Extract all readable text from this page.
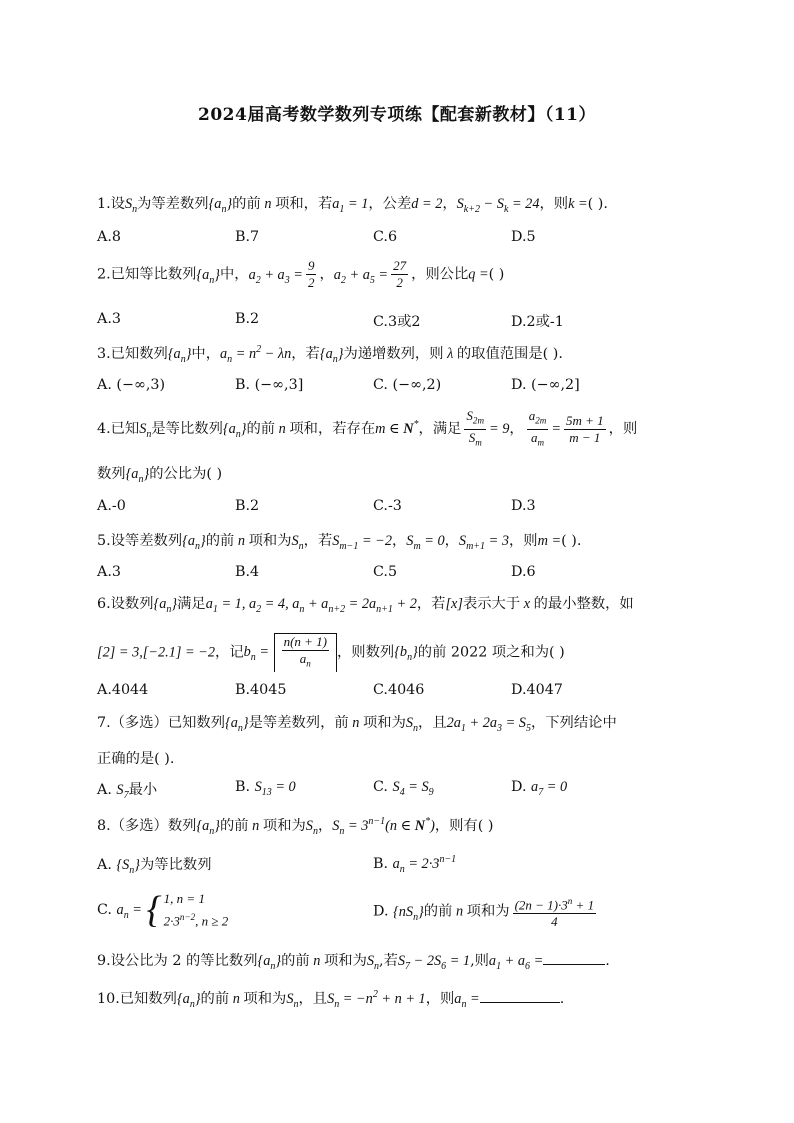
2024届高考数学数列专项练【配套新教材】（11）
1.设$S_n$为等差数列$\{a_n\}$的前 n 项和，若$a_1 = 1$，公差d = 2，$S_{k+2} - S_k = 24$，则k =( ).
A.8	B.7	C.6	D.5
2.已知等比数列$\{a_n\}$中，$a_2 + a_3 = \frac{9}{2}$ ，$a_2 + a_5 = \frac{27}{2}$ ，则公比q =( )
A.3	B.2	C.3或2	D.2或-1
3.已知数列$\{a_n\}$中，$a_n = n^2 - \lambda n$，若$\{a_n\}$为递增数列，则 λ 的取值范围是( ).
A. (−∞,3)	B. (−∞,3]	C. (−∞,2)	D. (−∞,2]
4.已知$S_n$是等比数列$\{a_n\}$的前 n 项和，若存在m ∈ N*，满足 $\frac{S_{2m}}{S_m} = 9$， $\frac{a_{2m}}{a_m} = \frac{5m + 1}{m - 1}$ ，则
数列$\{a_n\}$的公比为( )
A.-0	B.2	C.-3	D.3
5.设等差数列$\{a_n\}$的前 n 项和为$S_n$，若$S_{m-1} = -2$，$S_m = 0$，$S_{m+1} = 3$，则m =( ).
A.3	B.4	C.5	D.6
6.设数列$\{a_n\}$满足$a_1 = 1$, $a_2 = 4$, $a_n + a_{n+2} = 2a_{n+1} + 2$，若[x]表示大于 x 的最小整数，如
[2] = 3,[−2.1] = −2，记$b_n = \frac{n(n + 1)}{a_n}$ ，则数列$\{b_n\}$的前 2022 项之和为( )
A.4044	B.4045	C.4046	D.4047
7.（多选）已知数列$\{a_n\}$是等差数列，前 n 项和为$S_n$，且$2a_1 + 2a_3 = S_5$，下列结论中
正确的是( ).
A. $S_7$最小	B. $S_{13} = 0$	C. $S_4 = S_9$	D. $a_7 = 0$
8.（多选）数列$\{a_n\}$的前 n 项和为$S_n$，$S_n = 3^{n-1}(n$ ∈ N*)，则有( )
A. $\{S_n\}$为等比数列	B. $a_n = 2\cdot 3^{n-1}$
C. $a_n$ = { 1, n = 1
$2\cdot 3^{n-2}$, n ≥ 2
D. $\{nS_n\}$的前 n 项和为 $\frac{(2n - 1)\cdot 3^n + 1}{4}$
9.设公比为 2 的等比数列$\{a_n\}$的前 n 项和为$S_n$,若$S_7 - 2S_6 = 1$,则$a_1 + a_6$ =	.
10.已知数列$\{a_n\}$的前 n 项和为$S_n$，且$S_n = -n^2 + n + 1$，则$a_n$ =	.
